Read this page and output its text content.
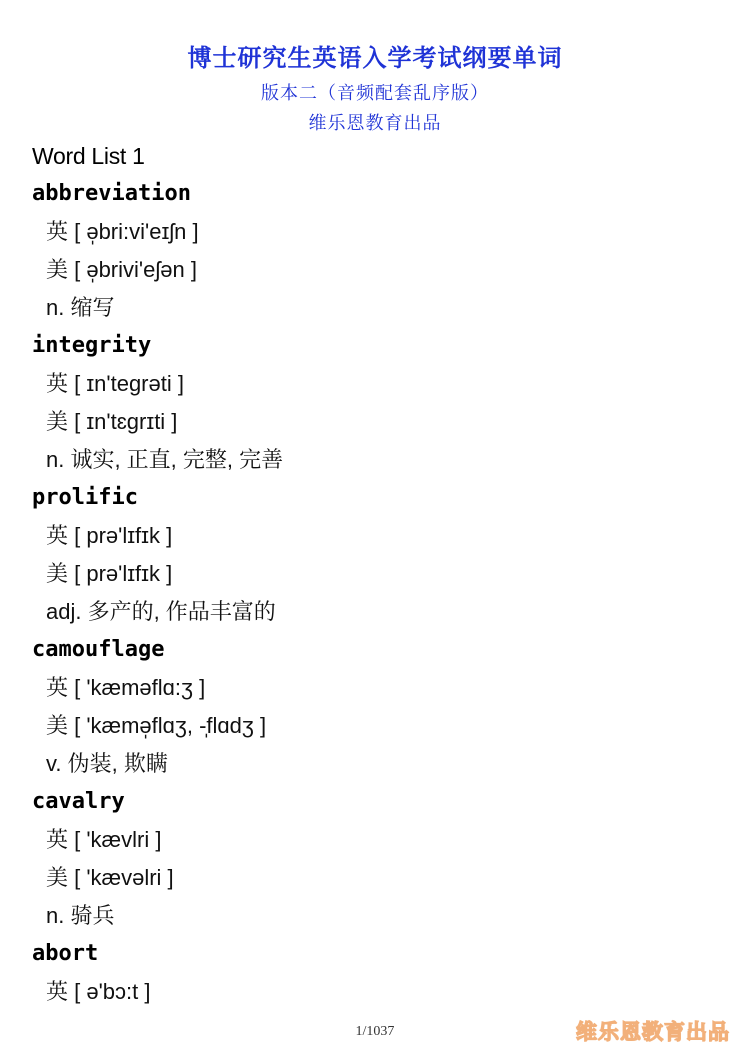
博士研究生英语入学考试纲要单词
版本二（音频配套乱序版）
维乐恩教育出品
Word List 1
abbreviation
英 [ ə̩bri:vi'eɪʃn ]
美 [ ə̩brivi'eʃən ]
n. 缩写
integrity
英 [ ɪn'tegrəti ]
美 [ ɪn'tɛgrɪti ]
n. 诚实, 正直, 完整, 完善
prolific
英 [ prə'lɪfɪk ]
美 [ prə'lɪfɪk ]
adj. 多产的, 作品丰富的
camouflage
英 [ 'kæməflɑ:ʒ ]
美 [ 'kæmə̩flɑʒ, -̩flɑdʒ ]
v. 伪装, 欺瞒
cavalry
英 [ 'kævlri ]
美 [ 'kævəlri ]
n. 骑兵
abort
英 [ ə'bɔ:t ]
1/1037	维乐恩教育出品
